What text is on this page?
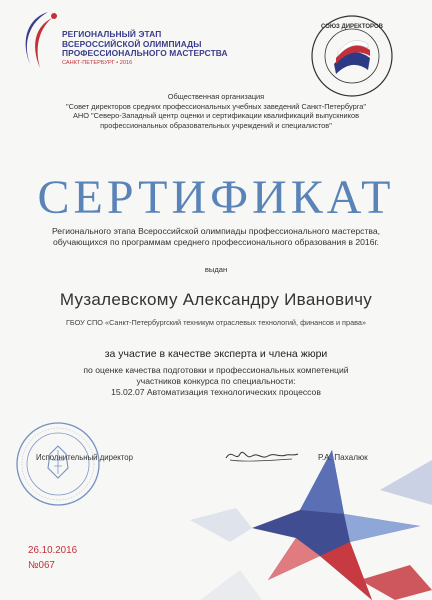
РЕГИОНАЛЬНЫЙ ЭТАП
ВСЕРОССИЙСКОЙ ОЛИМПИАДЫ
ПРОФЕССИОНАЛЬНОГО МАСТЕРСТВА
САНКТ-ПЕТЕРБУРГ • 2016
СОЮЗ ДИРЕКТОРОВ
Общественная организация
"Совет директоров средних профессиональных учебных заведений Санкт-Петербурга"
АНО "Северо-Западный центр оценки и сертификации квалификаций выпускников
профессиональных образовательных учреждений и специалистов"
СЕРТИФИКАТ
Регионального этапа Всероссийской олимпиады профессионального мастерства,
обучающихся по программам среднего профессионального образования в 2016г.
выдан
Музалевскому Александру Ивановичу
ГБОУ СПО «Санкт-Петербургский техникум отраслевых технологий, финансов и права»
за участие в качестве эксперта и члена жюри
по оценке качества подготовки и профессиональных компетенций
участников конкурса по специальности:
15.02.07 Автоматизация технологических процессов
Исполнительный директор	Р.А. Пахалюк
26.10.2016
№067
